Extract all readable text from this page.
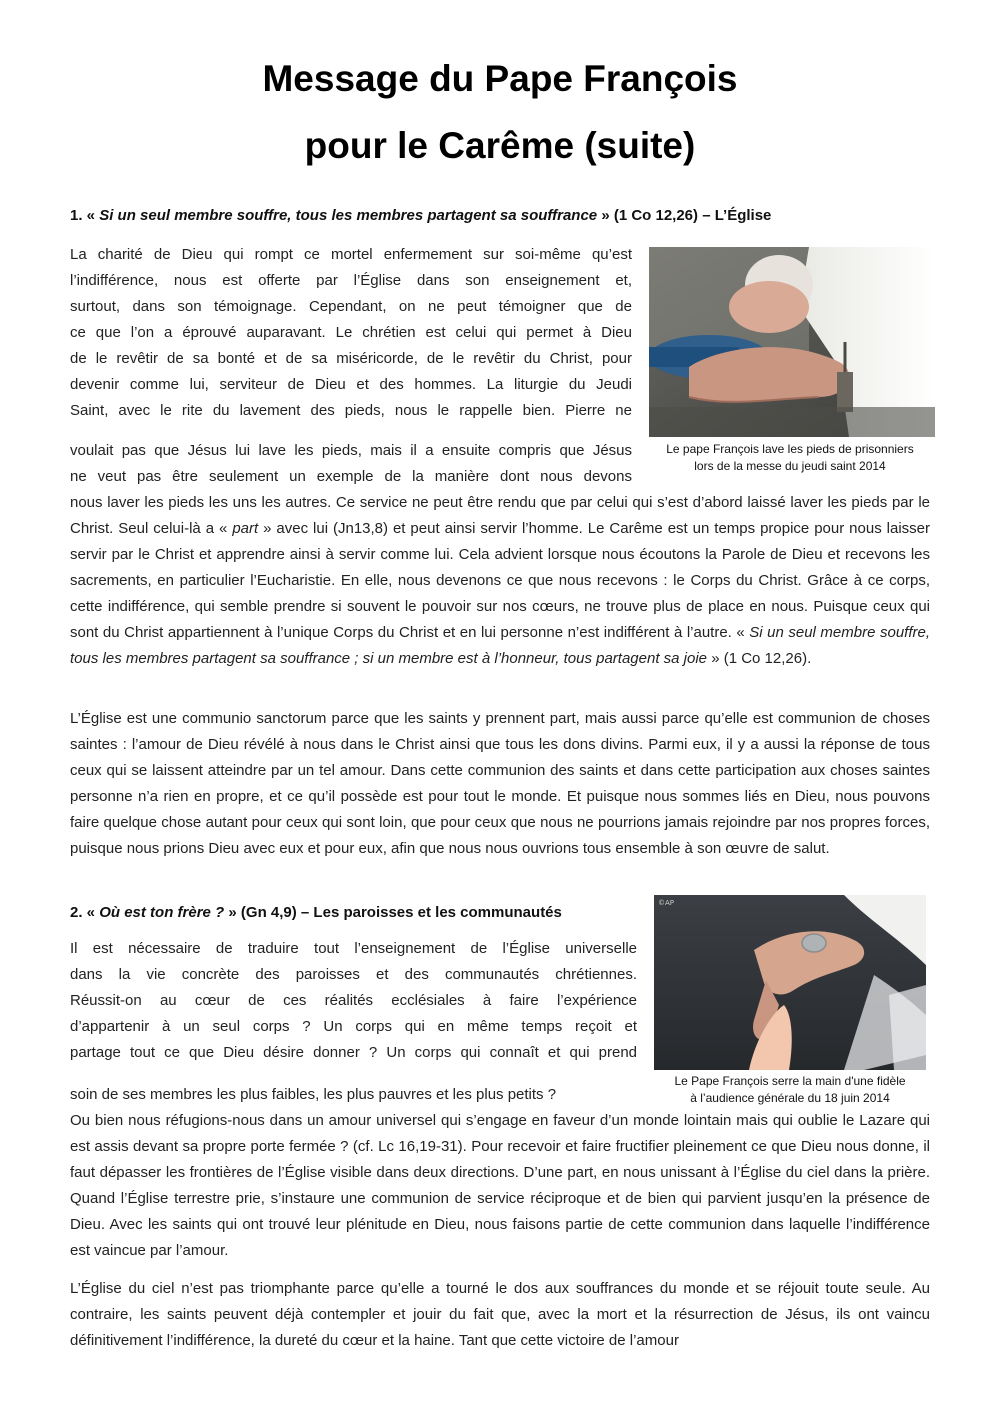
Message du Pape François
pour le Carême (suite)
1. « Si un seul membre souffre, tous les membres partagent sa souffrance » (1 Co 12,26) – L’Église
La charité de Dieu qui rompt ce mortel enfermement sur soi-même qu’est
l’indifférence, nous est offerte par l’Église dans son enseignement et,
surtout, dans son témoignage. Cependant, on ne peut témoigner que de
ce que l’on a éprouvé auparavant. Le chrétien est celui qui permet à Dieu
de le revêtir de sa bonté et de sa miséricorde, de le revêtir du Christ, pour
devenir comme lui, serviteur de Dieu et des hommes. La liturgie du Jeudi
Saint, avec le rite du lavement des pieds, nous le rappelle bien. Pierre ne
Le pape François lave les pieds de prisonniers
lors de la messe du jeudi saint 2014
voulait pas que Jésus lui lave les pieds, mais il a ensuite compris que Jésus
ne veut pas être seulement un exemple de la manière dont nous devons

nous laver les pieds les uns les autres. Ce service ne peut être rendu que par celui qui s’est d’abord laissé laver les pieds par le Christ. Seul celui-là a « part » avec lui (Jn13,8) et peut ainsi servir l’homme. Le Carême est un temps propice pour nous laisser servir par le Christ et apprendre ainsi à servir comme lui. Cela advient lorsque nous écoutons la Parole de Dieu et recevons les sacrements, en particulier l’Eucharistie. En elle, nous devenons ce que nous recevons : le Corps du Christ. Grâce à ce corps, cette indifférence, qui semble prendre si souvent le pouvoir sur nos cœurs, ne trouve plus de place en nous. Puisque ceux qui sont du Christ appartiennent à l’unique Corps du Christ et en lui personne n’est indifférent à l’autre. « Si un seul membre souffre, tous les membres partagent sa souffrance ; si un membre est à l’honneur, tous partagent sa joie » (1 Co 12,26).

L’Église est une communio sanctorum parce que les saints y prennent part, mais aussi parce qu’elle est communion de choses saintes : l’amour de Dieu révélé à nous dans le Christ ainsi que tous les dons divins. Parmi eux, il y a aussi la réponse de tous ceux qui se laissent atteindre par un tel amour. Dans cette communion des saints et dans cette participation aux choses saintes personne n’a rien en propre, et ce qu’il possède est pour tout le monde. Et puisque nous sommes liés en Dieu, nous pouvons faire quelque chose autant pour ceux qui sont loin, que pour ceux que nous ne pourrions jamais rejoindre par nos propres forces, puisque nous prions Dieu avec eux et pour eux, afin que nous nous ouvrions tous ensemble à son œuvre de salut.

2. « Où est ton frère ? » (Gn 4,9) – Les paroisses et les communautés
Il est nécessaire de traduire tout l’enseignement de l’Église universelle
dans la vie concrète des paroisses et des communautés chrétiennes.
Réussit-on au cœur de ces réalités ecclésiales à faire l’expérience
d’appartenir à un seul corps ? Un corps qui en même temps reçoit et
partage tout ce que Dieu désire donner ? Un corps qui connaît et qui prend
©AP
Le Pape François serre la main d'une fidèle
à l’audience générale du 18 juin 2014
soin de ses membres les plus faibles, les plus pauvres et les plus petits ?

Ou bien nous réfugions-nous dans un amour universel qui s’engage en faveur d’un monde lointain mais qui oublie le Lazare qui est assis devant sa propre porte fermée ? (cf. Lc 16,19-31). Pour recevoir et faire fructifier pleinement ce que Dieu nous donne, il faut dépasser les frontières de l’Église visible dans deux directions. D’une part, en nous unissant à l’Église du ciel dans la prière. Quand l’Église terrestre prie, s’instaure une communion de service réciproque et de bien qui parvient jusqu’en la présence de Dieu. Avec les saints qui ont trouvé leur plénitude en Dieu, nous faisons partie de cette communion dans laquelle l’indifférence est vaincue par l’amour.

L’Église du ciel n’est pas triomphante parce qu’elle a tourné le dos aux souffrances du monde et se réjouit toute seule. Au contraire, les saints peuvent déjà contempler et jouir du fait que, avec la mort et la résurrection de Jésus, ils ont vaincu définitivement l’indifférence, la dureté du cœur et la haine. Tant que cette victoire de l’amour
